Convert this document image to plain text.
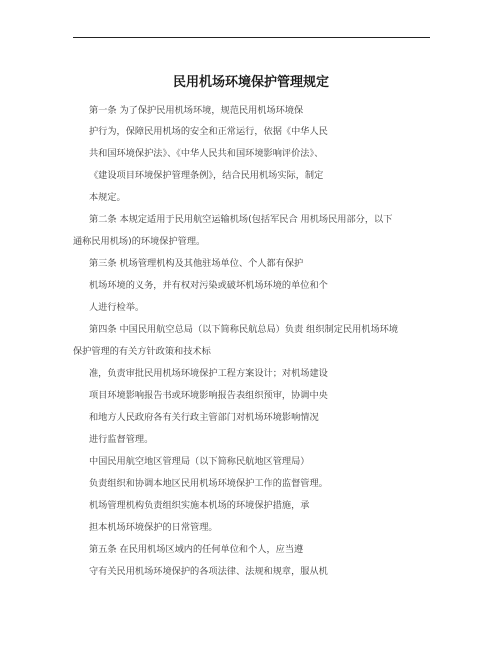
民用机场环境保护管理规定
第一条 为了保护民用机场环境，规范民用机场环境保
护行为，保障民用机场的安全和正常运行，依据《中华人民
共和国环境保护法》、《中华人民共和国环境影响评价法》、
《建设项目环境保护管理条例》，结合民用机场实际，制定
本规定。
第二条 本规定适用于民用航空运输机场(包括军民合 用机场民用部分，以下
通称民用机场)的环境保护管理。
第三条 机场管理机构及其他驻场单位、个人都有保护
机场环境的义务，并有权对污染或破坏机场环境的单位和个
人进行检举。
第四条 中国民用航空总局（以下简称民航总局）负责 组织制定民用机场环境
保护管理的有关方针政策和技术标
准，负责审批民用机场环境保护工程方案设计；对机场建设
项目环境影响报告书或环境影响报告表组织预审，协调中央
和地方人民政府各有关行政主管部门对机场环境影响情况
进行监督管理。
中国民用航空地区管理局（以下简称民航地区管理局）
负责组织和协调本地区民用机场环境保护工作的监督管理。
机场管理机构负责组织实施本机场的环境保护措施，承
担本机场环境保护的日常管理。
第五条 在民用机场区域内的任何单位和个人，应当遵
守有关民用机场环境保护的各项法律、法规和规章，服从机
